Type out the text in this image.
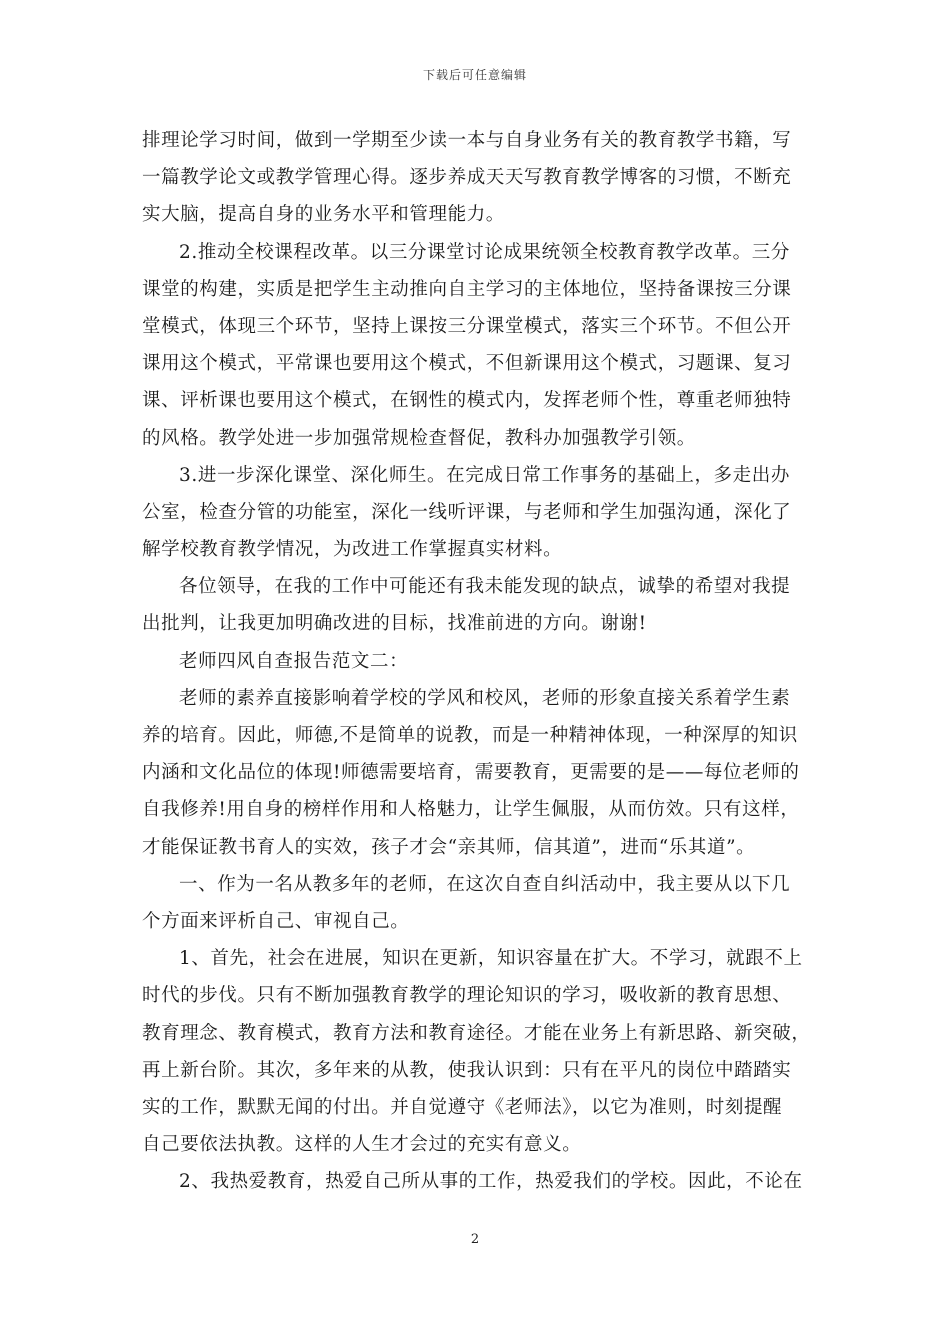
下载后可任意编辑
排理论学习时间，做到一学期至少读一本与自身业务有关的教育教学书籍，写
一篇教学论文或教学管理心得。逐步养成天天写教育教学博客的习惯，不断充
实大脑，提高自身的业务水平和管理能力。
2.推动全校课程改革。以三分课堂讨论成果统领全校教育教学改革。三分
课堂的构建，实质是把学生主动推向自主学习的主体地位，坚持备课按三分课
堂模式，体现三个环节，坚持上课按三分课堂模式，落实三个环节。不但公开
课用这个模式，平常课也要用这个模式，不但新课用这个模式，习题课、复习
课、评析课也要用这个模式，在钢性的模式内，发挥老师个性，尊重老师独特
的风格。教学处进一步加强常规检查督促，教科办加强教学引领。
3.进一步深化课堂、深化师生。在完成日常工作事务的基础上，多走出办
公室，检查分管的功能室，深化一线听评课，与老师和学生加强沟通，深化了
解学校教育教学情况，为改进工作掌握真实材料。
各位领导，在我的工作中可能还有我未能发现的缺点，诚挚的希望对我提
出批判，让我更加明确改进的目标，找准前进的方向。谢谢!
老师四风自查报告范文二：
老师的素养直接影响着学校的学风和校风，老师的形象直接关系着学生素
养的培育。因此，师德,不是简单的说教，而是一种精神体现，一种深厚的知识
内涵和文化品位的体现!师德需要培育，需要教育，更需要的是——每位老师的
自我修养!用自身的榜样作用和人格魅力，让学生佩服，从而仿效。只有这样，
才能保证教书育人的实效，孩子才会“亲其师，信其道”，进而“乐其道”。
一、作为一名从教多年的老师，在这次自查自纠活动中，我主要从以下几
个方面来评析自己、审视自己。
1、首先，社会在进展，知识在更新，知识容量在扩大。不学习，就跟不上
时代的步伐。只有不断加强教育教学的理论知识的学习，吸收新的教育思想、
教育理念、教育模式，教育方法和教育途径。才能在业务上有新思路、新突破，
再上新台阶。其次，多年来的从教，使我认识到：只有在平凡的岗位中踏踏实
实的工作，默默无闻的付出。并自觉遵守《老师法》，以它为准则，时刻提醒
自己要依法执教。这样的人生才会过的充实有意义。
2、我热爱教育，热爱自己所从事的工作，热爱我们的学校。因此，不论在
2
